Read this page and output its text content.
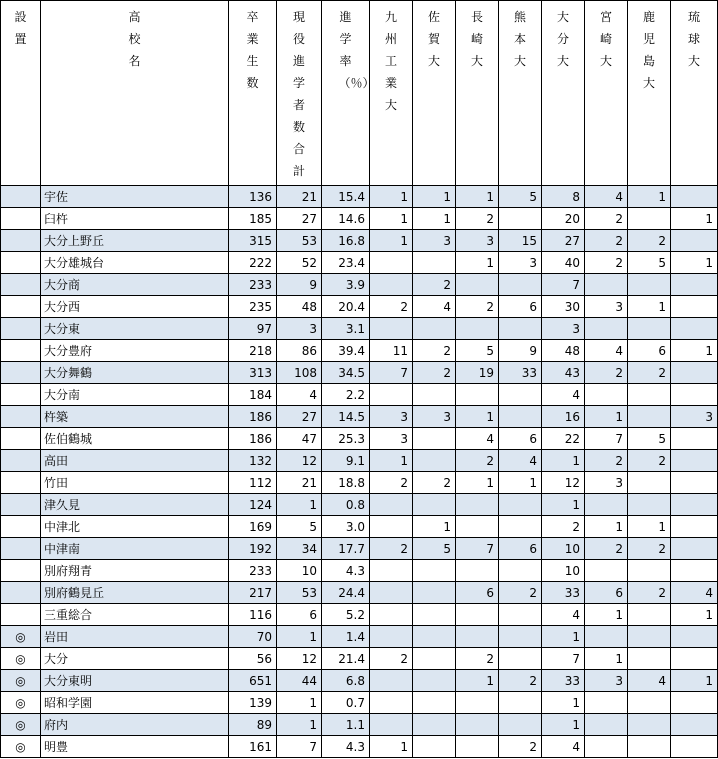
設置	高校名	卒業生数	現役進学者数合計	進学率（％）	九州工業大	佐賀大	長崎大	熊本大	大分大	宮崎大	鹿児島大	琉球大
	宇佐	136	21	15.4	1	1	1	5	8	4	1	
	臼杵	185	27	14.6	1	1	2		20	2		1
	大分上野丘	315	53	16.8	1	3	3	15	27	2	2	
	大分雄城台	222	52	23.4			1	3	40	2	5	1
	大分商	233	9	3.9		2			7			
	大分西	235	48	20.4	2	4	2	6	30	3	1	
	大分東	97	3	3.1					3			
	大分豊府	218	86	39.4	11	2	5	9	48	4	6	1
	大分舞鶴	313	108	34.5	7	2	19	33	43	2	2	
	大分南	184	4	2.2					4			
	杵築	186	27	14.5	3	3	1		16	1		3
	佐伯鶴城	186	47	25.3	3		4	6	22	7	5	
	高田	132	12	9.1	1		2	4	1	2	2	
	竹田	112	21	18.8	2	2	1	1	12	3		
	津久見	124	1	0.8					1			
	中津北	169	5	3.0		1			2	1	1	
	中津南	192	34	17.7	2	5	7	6	10	2	2	
	別府翔青	233	10	4.3					10			
	別府鶴見丘	217	53	24.4			6	2	33	6	2	4
	三重総合	116	6	5.2					4	1		1
◎	岩田	70	1	1.4					1			
◎	大分	56	12	21.4	2		2		7	1		
◎	大分東明	651	44	6.8			1	2	33	3	4	1
◎	昭和学園	139	1	0.7					1			
◎	府内	89	1	1.1					1			
◎	明豊	161	7	4.3	1			2	4			
